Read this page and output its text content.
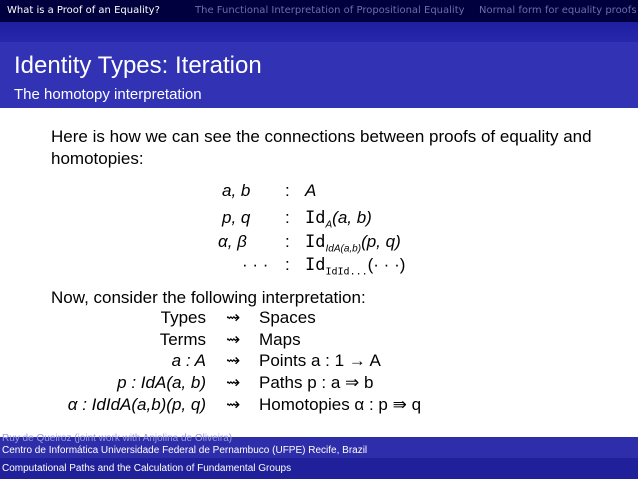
What is a Proof of an Equality?	The Functional Interpretation of Propositional Equality	Normal form for equality proofs
Identity Types: Iteration
The homotopy interpretation
Here is how we can see the connections between proofs of equality and homotopies:
a, b : A
p, q : $Id_A(a$, b)
α, β : $Id_{IdA(a,b)}(p$, q)
· · · : $Id_{IdId...}(\cdot$ · ·)
Now, consider the following interpretation:
Types ⇝ Spaces
Terms ⇝ Maps
a : A ⇝ Points a : 1 → A
p : IdA(a, b) ⇝ Paths p : a ⇒ b
α : IdIdA(a,b)(p, q) ⇝ Homotopies α : p ⇛ q
Ruy de Queiroz (joint work with Anjolina de Oliveira)
Centro de Informática Universidade Federal de Pernambuco (UFPE) Recife, Brazil
Computational Paths and the Calculation of Fundamental Groups
